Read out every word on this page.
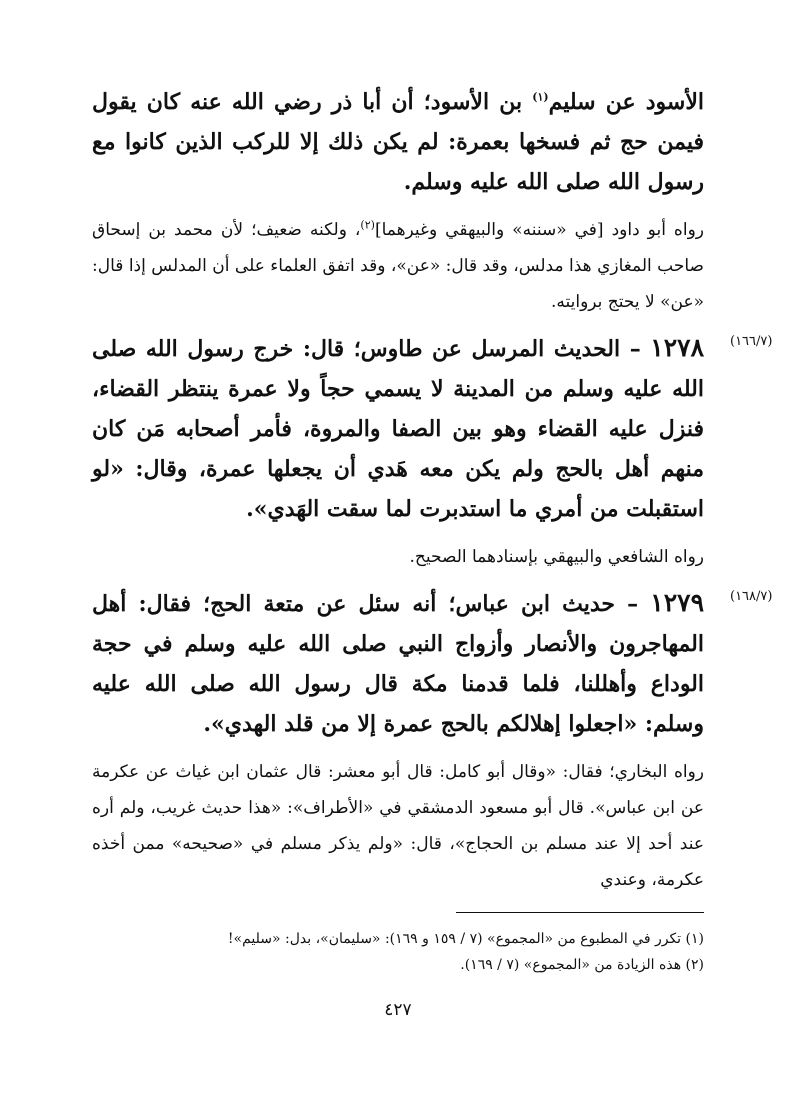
الأسود عن سليم$^{(١)}$ بن الأسود؛ أن أبا ذر رضي الله عنه كان يقول فيمن حج ثم فسخها بعمرة: لم يكن ذلك إلا للركب الذين كانوا مع رسول الله صلى الله عليه وسلم.

رواه أبو داود [في «سننه» والبيهقي وغيرهما]$^{(٢)}$، ولكنه ضعيف؛ لأن محمد بن إسحاق صاحب المغازي هذا مدلس، وقد قال: «عن»، وقد اتفق العلماء على أن المدلس إذا قال: «عن» لا يحتج بروايته.

(١٦٦/٧)

١٢٧٨ – الحديث المرسل عن طاوس؛ قال: خرج رسول الله صلى الله عليه وسلم من المدينة لا يسمي حجاً ولا عمرة ينتظر القضاء، فنزل عليه القضاء وهو بين الصفا والمروة، فأمر أصحابه مَن كان منهم أهل بالحج ولم يكن معه هَدي أن يجعلها عمرة، وقال: «لو استقبلت من أمري ما استدبرت لما سقت الهَدي».

رواه الشافعي والبيهقي بإسنادهما الصحيح.

(١٦٨/٧)

١٢٧٩ – حديث ابن عباس؛ أنه سئل عن متعة الحج؛ فقال: أهل المهاجرون والأنصار وأزواج النبي صلى الله عليه وسلم في حجة الوداع وأهللنا، فلما قدمنا مكة قال رسول الله صلى الله عليه وسلم: «اجعلوا إهلالكم بالحج عمرة إلا من قلد الهدي».

رواه البخاري؛ فقال: «وقال أبو كامل: قال أبو معشر: قال عثمان ابن غياث عن عكرمة عن ابن عباس». قال أبو مسعود الدمشقي في «الأطراف»: «هذا حديث غريب، ولم أره عند أحد إلا عند مسلم بن الحجاج»، قال: «ولم يذكر مسلم في «صحيحه» ممن أخذه عكرمة، وعندي

(١) تكرر في المطبوع من «المجموع» (٧ / ١٥٩ و ١٦٩): «سليمان»، بدل: «سليم»!
(٢) هذه الزيادة من «المجموع» (٧ / ١٦٩).
٤٢٧
